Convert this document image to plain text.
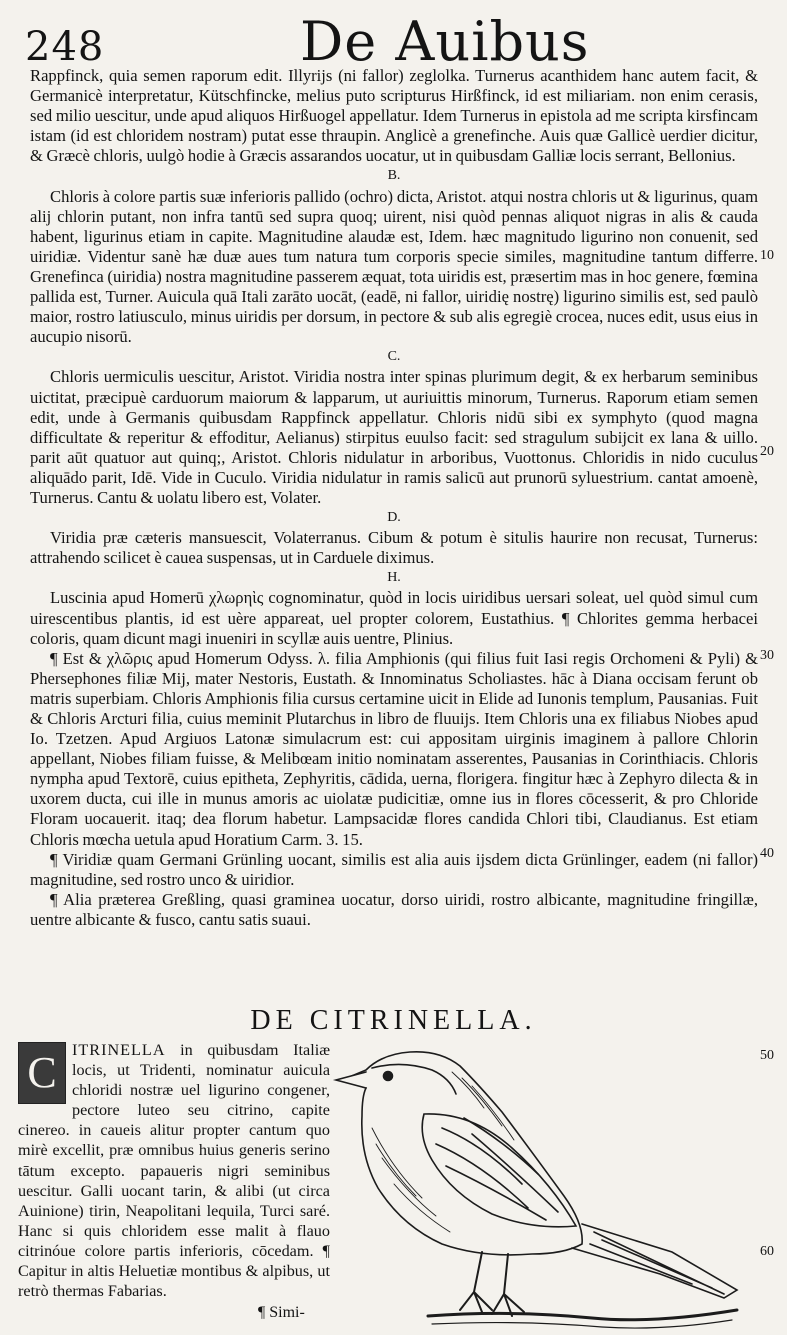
248	De Auibus

Rappfinck, quia semen raporum edit. Illyrijs (ni fallor) zeglolka. Turnerus acanthidem hanc autem facit, & Germanicè interpretatur, Kütschfincke, melius puto scripturus Hirßfinck, id est miliariam. non enim cerasis, sed milio uescitur, unde apud aliquos Hirßuogel appellatur. Idem Turnerus in epistola ad me scripta kirsfincam istam (id est chloridem nostram) putat esse thraupin. Anglicè a grenefinche. Auis quæ Gallicè uerdier dicitur, & Græcè chloris, uulgò hodie à Græcis assarandos uocatur, ut in quibusdam Galliæ locis serrant, Bellonius.

B.

Chloris à colore partis suæ inferioris pallido (ochro) dicta, Aristot. atqui nostra chloris ut & ligurinus, quam alij chlorin putant, non infra tantū sed supra quoq; uirent, nisi quòd pennas aliquot nigras in alis & cauda habent, ligurinus etiam in capite. Magnitudine alaudæ est, Idem. hæc magnitudo ligurino non conuenit, sed uiridiæ. Videntur sanè hæ duæ aues tum natura tum corporis specie similes, magnitudine tantum differre. Grenefinca (uiridia) nostra magnitudine passerem æquat, tota uiridis est, præsertim mas in hoc genere, fœmina pallida est, Turner. Auicula quā Itali zarāto uocāt, (eadē, ni fallor, uiridię nostrę) ligurino similis est, sed paulò maior, rostro latiusculo, minus uiridis per dorsum, in pectore & sub alis egregiè crocea, nuces edit, usus eius in aucupio nisorū.

C.

Chloris uermiculis uescitur, Aristot. Viridia nostra inter spinas plurimum degit, & ex herbarum seminibus uictitat, præcipuè carduorum maiorum & lapparum, ut auriuittis minorum, Turnerus. Raporum etiam semen edit, unde à Germanis quibusdam Rappfinck appellatur. Chloris nidū sibi ex symphyto (quod magna difficultate & reperitur & effoditur, Aelianus) stirpitus euulso facit: sed stragulum subijcit ex lana & uillo. parit aūt quatuor aut quinq;, Aristot. Chloris nidulatur in arboribus, Vuottonus. Chloridis in nido cuculus aliquādo parit, Idē. Vide in Cuculo. Viridia nidulatur in ramis salicū aut prunorū syluestrium. cantat amoenè, Turnerus. Cantu & uolatu libero est, Volater.

D.

Viridia præ cæteris mansuescit, Volaterranus. Cibum & potum è situlis haurire non recusat, Turnerus: attrahendo scilicet è cauea suspensas, ut in Carduele diximus.

H.

Luscinia apud Homerū χλωρηὶς cognominatur, quòd in locis uiridibus uersari soleat, uel quòd simul cum uirescentibus plantis, id est uère appareat, uel propter colorem, Eustathius. ¶ Chlorites gemma herbacei coloris, quam dicunt magi inueniri in scyllæ auis uentre, Plinius.

¶ Est & χλῶρις apud Homerum Odyss. λ. filia Amphionis (qui filius fuit Iasi regis Orchomeni & Pyli) & Phersephones filiæ Mij, mater Nestoris, Eustath. & Innominatus Scholiastes. hāc à Diana occisam ferunt ob matris superbiam. Chloris Amphionis filia cursus certamine uicit in Elide ad Iunonis templum, Pausanias. Fuit & Chloris Arcturi filia, cuius meminit Plutarchus in libro de fluuijs. Item Chloris una ex filiabus Niobes apud Io. Tzetzen. Apud Argiuos Latonæ simulacrum est: cui appositam uirginis imaginem à pallore Chlorin appellant, Niobes filiam fuisse, & Melibœam initio nominatam asserentes, Pausanias in Corinthiacis. Chloris nympha apud Textorē, cuius epitheta, Zephyritis, cādida, uerna, florigera. fingitur hæc à Zephyro dilecta & in uxorem ducta, cui ille in munus amoris ac uiolatæ pudicitiæ, omne ius in flores cōcesserit, & pro Chloride Floram uocauerit. itaq; dea florum habetur. Lampsacidæ flores candida Chlori tibi, Claudianus. Est etiam Chloris mœcha uetula apud Horatium Carm. 3. 15.

¶ Viridiæ quam Germani Grünling uocant, similis est alia auis ijsdem dicta Grünlinger, eadem (ni fallor) magnitudine, sed rostro unco & uiridior.

¶ Alia præterea Greßling, quasi graminea uocatur, dorso uiridi, rostro albicante, magnitudine fringillæ, uentre albicante & fusco, cantu satis suaui.

DE CITRINELLA.
C ITRINELLA in quibusdam Italiæ locis, ut Tridenti, nominatur auicula chloridi nostræ uel ligurino congener, pectore luteo seu citrino, capite cinereo. in caueis alitur propter cantum quo mirè excellit, præ omnibus huius generis serino tātum excepto. papaueris nigri seminibus uescitur. Galli uocant tarin, & alibi (ut circa Auinione) tirin, Neapolitani lequila, Turci saré. Hanc si quis chloridem esse malit à flauo citrinóue colore partis inferioris, cōcedam. ¶ Capitur in altis Heluetiæ montibus & alpibus, ut retrò thermas Fabarias.

¶ Simi-
10
20
30
40
50
60
